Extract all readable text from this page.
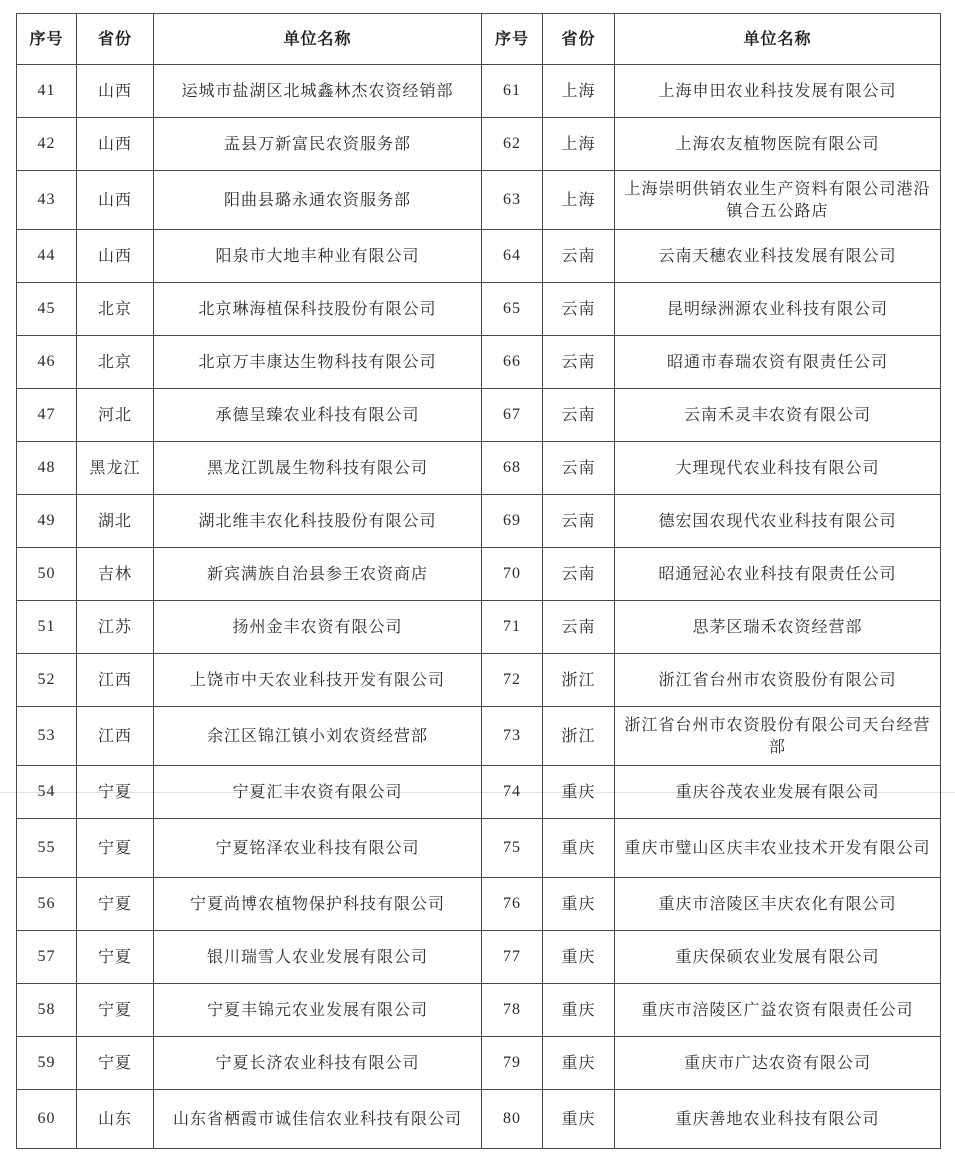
序号	省份	单位名称	序号	省份	单位名称
41	山西	运城市盐湖区北城鑫林杰农资经销部	61	上海	上海申田农业科技发展有限公司
42	山西	盂县万新富民农资服务部	62	上海	上海农友植物医院有限公司
43	山西	阳曲县璐永通农资服务部	63	上海	上海崇明供销农业生产资料有限公司港沿镇合五公路店
44	山西	阳泉市大地丰种业有限公司	64	云南	云南天穗农业科技发展有限公司
45	北京	北京琳海植保科技股份有限公司	65	云南	昆明绿洲源农业科技有限公司
46	北京	北京万丰康达生物科技有限公司	66	云南	昭通市春瑞农资有限责任公司
47	河北	承德呈臻农业科技有限公司	67	云南	云南禾灵丰农资有限公司
48	黑龙江	黑龙江凯晟生物科技有限公司	68	云南	大理现代农业科技有限公司
49	湖北	湖北维丰农化科技股份有限公司	69	云南	德宏国农现代农业科技有限公司
50	吉林	新宾满族自治县参王农资商店	70	云南	昭通冠沁农业科技有限责任公司
51	江苏	扬州金丰农资有限公司	71	云南	思茅区瑞禾农资经营部
52	江西	上饶市中天农业科技开发有限公司	72	浙江	浙江省台州市农资股份有限公司
53	江西	余江区锦江镇小刘农资经营部	73	浙江	浙江省台州市农资股份有限公司天台经营部
54	宁夏	宁夏汇丰农资有限公司	74	重庆	重庆谷茂农业发展有限公司
55	宁夏	宁夏铭泽农业科技有限公司	75	重庆	重庆市璧山区庆丰农业技术开发有限公司
56	宁夏	宁夏尚博农植物保护科技有限公司	76	重庆	重庆市涪陵区丰庆农化有限公司
57	宁夏	银川瑞雪人农业发展有限公司	77	重庆	重庆保硕农业发展有限公司
58	宁夏	宁夏丰锦元农业发展有限公司	78	重庆	重庆市涪陵区广益农资有限责任公司
59	宁夏	宁夏长济农业科技有限公司	79	重庆	重庆市广达农资有限公司
60	山东	山东省栖霞市诚佳信农业科技有限公司	80	重庆	重庆善地农业科技有限公司
